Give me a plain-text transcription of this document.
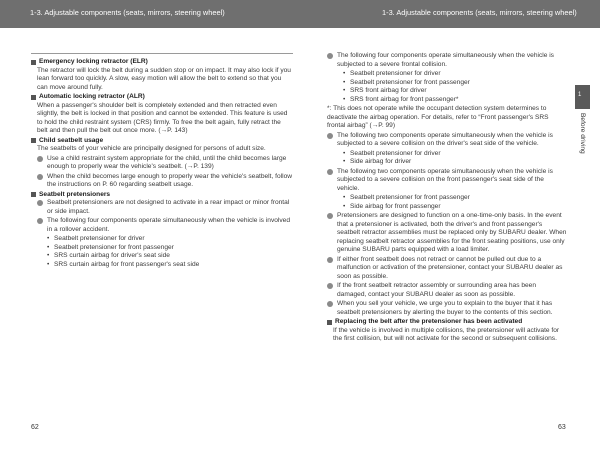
1-3. Adjustable components (seats, mirrors, steering wheel)	1-3. Adjustable components (seats, mirrors, steering wheel)
Emergency locking retractor (ELR)
The retractor will lock the belt during a sudden stop or on impact. It may also lock if you lean forward too quickly. A slow, easy motion will allow the belt to extend so that you can move around fully.
Automatic locking retractor (ALR)
When a passenger's shoulder belt is completely extended and then retracted even slightly, the belt is locked in that position and cannot be extended. This feature is used to hold the child restraint system (CRS) firmly. To free the belt again, fully retract the belt and then pull the belt out once more. (→P. 143)
Child seatbelt usage
The seatbelts of your vehicle are principally designed for persons of adult size.
Use a child restraint system appropriate for the child, until the child becomes large enough to properly wear the vehicle's seatbelt. (→P. 139)
When the child becomes large enough to properly wear the vehicle's seatbelt, follow the instructions on P. 60 regarding seatbelt usage.
Seatbelt pretensioners
Seatbelt pretensioners are not designed to activate in a rear impact or minor frontal or side impact.
The following four components operate simultaneously when the vehicle is involved in a rollover accident.
• Seatbelt pretensioner for driver
• Seatbelt pretensioner for front passenger
• SRS curtain airbag for driver's seat side
• SRS curtain airbag for front passenger's seat side
The following four components operate simultaneously when the vehicle is subjected to a severe frontal collision.
• Seatbelt pretensioner for driver
• Seatbelt pretensioner for front passenger
• SRS front airbag for driver
• SRS front airbag for front passenger*
*: This does not operate while the occupant detection system determines to deactivate the airbag operation. For details, refer to “Front passenger's SRS frontal airbag” (→P. 99)
The following two components operate simultaneously when the vehicle is subjected to a severe collision on the driver's seat side of the vehicle.
• Seatbelt pretensioner for driver
• Side airbag for driver
The following two components operate simultaneously when the vehicle is subjected to a severe collision on the front passenger's seat side of the vehicle.
• Seatbelt pretensioner for front passenger
• Side airbag for front passenger
Pretensioners are designed to function on a one-time-only basis. In the event that a pretensioner is activated, both the driver's and front passenger's seatbelt retractor assemblies must be replaced only by SUBARU dealer. When replacing seatbelt retractor assemblies for the front seating positions, use only genuine SUBARU parts equipped with a load limiter.
If either front seatbelt does not retract or cannot be pulled out due to a malfunction or activation of the pretensioner, contact your SUBARU dealer as soon as possible.
If the front seatbelt retractor assembly or surrounding area has been damaged, contact your SUBARU dealer as soon as possible.
When you sell your vehicle, we urge you to explain to the buyer that it has seatbelt pretensioners by alerting the buyer to the contents of this section.
Replacing the belt after the pretensioner has been activated
If the vehicle is involved in multiple collisions, the pretensioner will activate for the first collision, but will not activate for the second or subsequent collisions.
1
Before driving
62	63
